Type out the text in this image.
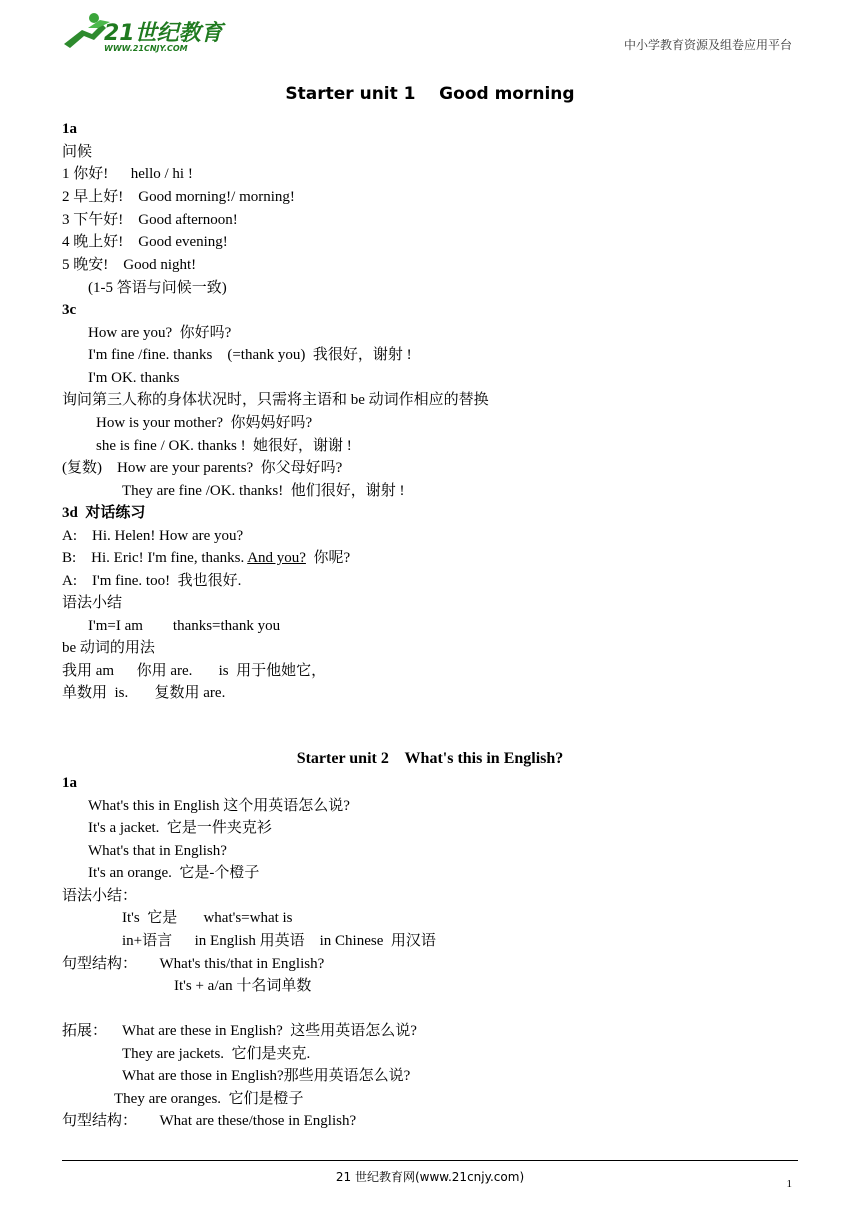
21世纪教育
WWW.21CNJY.COM	中小学教育资源及组卷应用平台
Starter unit 1    Good morning
1a
问候
1 你好!      hello / hi !
2 早上好!    Good morning!/ morning!
3 下午好!    Good afternoon!
4 晚上好!    Good evening!
5 晚安!    Good night!
(1-5 答语与问候一致)
3c
How are you?  你好吗?
I'm fine /fine. thanks    (=thank you)  我很好，谢射 !
I'm OK. thanks
询问第三人称的身体状况时，只需将主语和 be 动词作相应的替换
How is your mother?  你妈妈好吗?
she is fine / OK. thanks !  她很好，谢谢 !
(复数)    How are your parents?  你父母好吗?
They are fine /OK. thanks!  他们很好，谢射 !
3d  对话练习
A:    Hi. Helen! How are you?
B:    Hi. Eric! I'm fine, thanks. And you? 你呢?
A:    I'm fine. too!  我也很好.
语法小结
I'm=I am        thanks=thank you
be 动词的用法
我用 am      你用 are.       is  用于他她它，
单数用  is.       复数用 are.
Starter unit 2    What's this in English?
1a
What's this in English 这个用英语怎么说?
It's a jacket.  它是一件夹克衫
What's that in English?
It's an orange.  它是-个橙子
语法小结：
It's  它是       what's=what is
in+语言      in English 用英语    in Chinese  用汉语
句型结构：      What's this/that in English?
It's + a/an 十名词单数
拓展：    What are these in English?  这些用英语怎么说?
They are jackets.  它们是夹克.
What are those in English?那些用英语怎么说?
They are oranges.  它们是橙子
句型结构：      What are these/those in English?
21 世纪教育网(www.21cnjy.com)	1
